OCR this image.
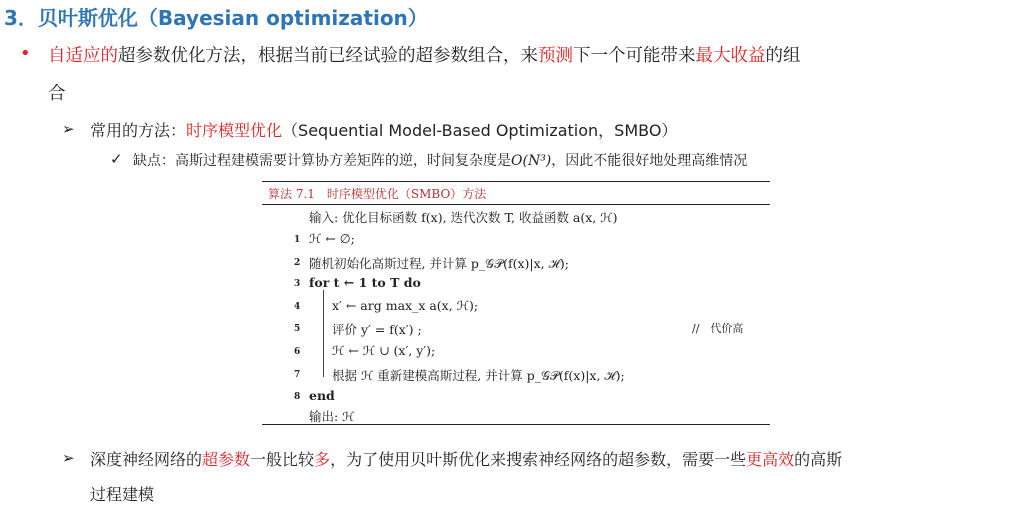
3．贝叶斯优化（Bayesian optimization）
• 自适应的超参数优化方法，根据当前已经试验的超参数组合，来预测下一个可能带来最大收益的组
合
➢ 常用的方法：时序模型优化（Sequential Model-Based Optimization，SMBO）
✓ 缺点：高斯过程建模需要计算协方差矩阵的逆，时间复杂度是O(N³)，因此不能很好地处理高维情况
算法 7.1　时序模型优化（SMBO）方法
输入: 优化目标函数 f(x), 迭代次数 T, 收益函数 a(x, ℋ)
1 ℋ ← ∅;
2 随机初始化高斯过程, 并计算 p_𝒢𝒫(f(x)|x, ℋ);
3 for t ← 1 to T do
4	x′ ← arg max_x a(x, ℋ);
5	评价 y′ = f(x′) ;	//　代价高
6	ℋ ← ℋ ∪ (x′, y′);
7	根据 ℋ 重新建模高斯过程, 并计算 p_𝒢𝒫(f(x)|x, ℋ);
8 end
输出: ℋ
➢ 深度神经网络的超参数一般比较多，为了使用贝叶斯优化来搜索神经网络的超参数，需要一些更高效的高斯
过程建模
